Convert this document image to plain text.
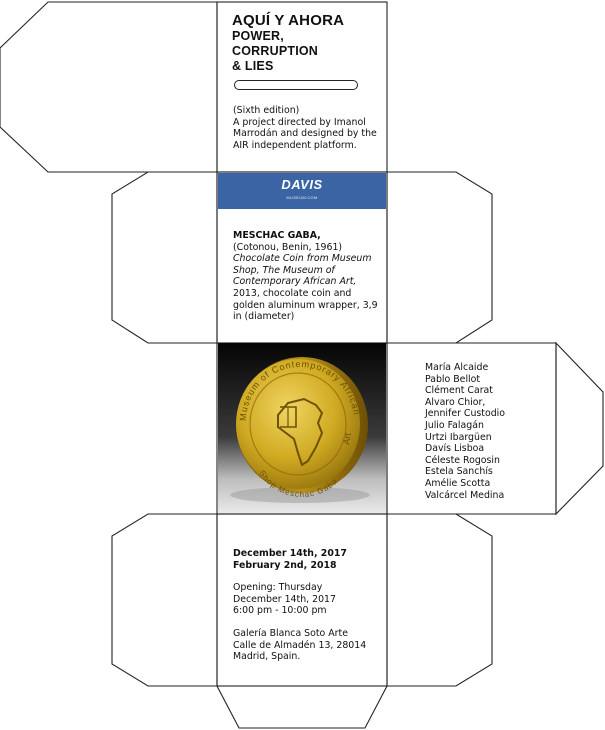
AQUÍ Y AHORA
POWER,
CORRUPTION
& LIES
(Sixth edition)
A project directed by Imanol Marrodán and designed by the AIR independent platform.
DAVIS
MUSEUM.COM
MESCHAC GABA,
(Cotonou, Benin, 1961)
Chocolate Coin from Museum Shop, The Museum of Contemporary African Art,
2013, chocolate coin and golden aluminum wrapper, 3,9 in (diameter)
Museum of Contemporary African
Art
Shop Meschac Gaba
María Alcaide
Pablo Bellot
Clément Carat
Alvaro Chior,
Jennifer Custodio
Julio Falagán
Urtzi Ibargüen
Davís Lisboa
Céleste Rogosin
Estela Sanchís
Amélie Scotta
Valcárcel Medina
December 14th, 2017
February 2nd, 2018
Opening: Thursday
December 14th, 2017
6:00 pm - 10:00 pm
Galería Blanca Soto Arte
Calle de Almadén 13, 28014
Madrid, Spain.
